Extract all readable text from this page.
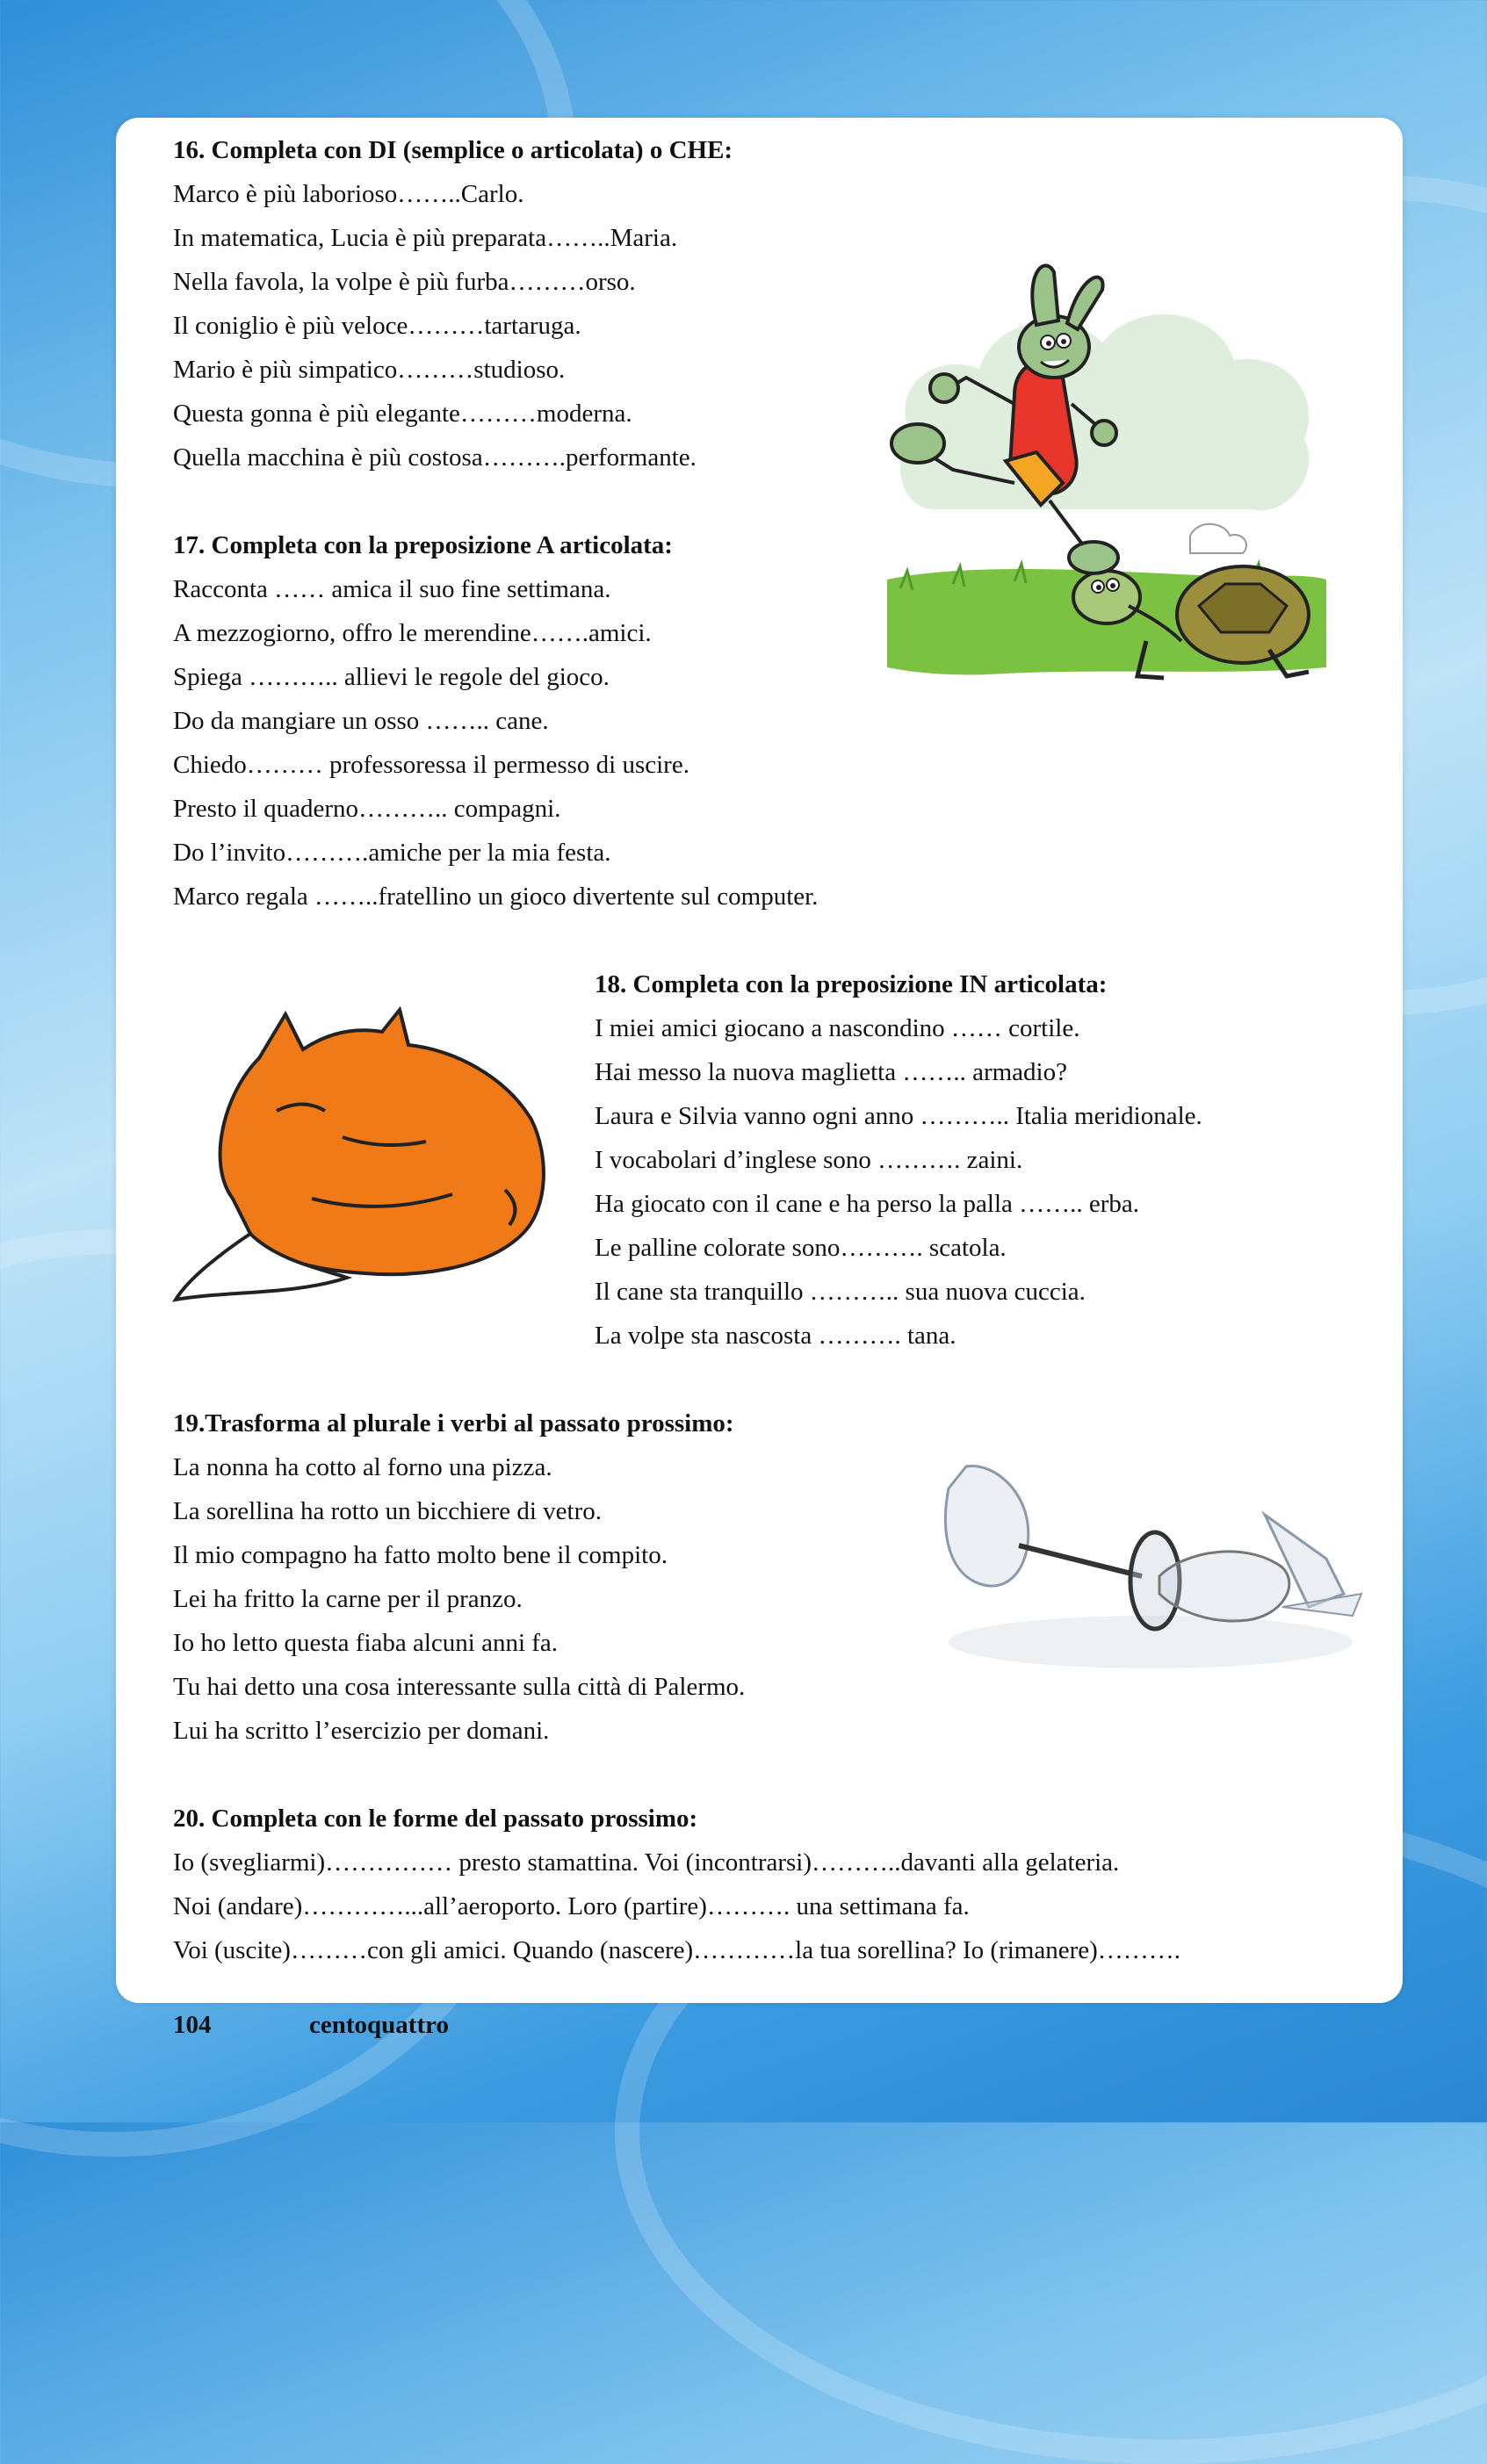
16. Completa con DI (semplice o articolata) o CHE:
Marco è più laborioso……..Carlo.
In matematica, Lucia è più preparata……..Maria.
Nella favola, la volpe è più furba………orso.
Il coniglio è più veloce………tartaruga.
Mario è più simpatico………studioso.
Questa gonna è più elegante………moderna.
Quella macchina è più costosa……….performante.
17. Completa con la preposizione A articolata:
Racconta …… amica il suo fine settimana.
A mezzogiorno, offro le merendine…….amici.
Spiega ……….. allievi le regole del gioco.
Do da mangiare un osso …….. cane.
Chiedo……… professoressa il permesso di uscire.
Presto il quaderno……….. compagni.
Do l’invito……….amiche per la mia festa.
Marco regala ……..fratellino un gioco divertente sul computer.
18. Completa con la preposizione IN articolata:
I miei amici giocano a nascondino …… cortile.
Hai messo la nuova maglietta …….. armadio?
Laura e Silvia vanno ogni anno ……….. Italia meridionale.
I vocabolari d’inglese sono ………. zaini.
Ha giocato con il cane e ha perso la palla …….. erba.
Le palline colorate sono………. scatola.
Il cane sta tranquillo ……….. sua nuova cuccia.
La volpe sta nascosta ………. tana.
19.Trasforma al plurale i verbi al passato prossimo:
La nonna ha cotto al forno una pizza.
La sorellina ha rotto un bicchiere di vetro.
Il mio compagno ha fatto molto bene il compito.
Lei ha fritto la carne per il pranzo.
Io ho letto questa fiaba alcuni anni fa.
Tu hai detto una cosa interessante sulla città di Palermo.
Lui ha scritto l’esercizio per domani.
20. Completa con le forme del passato prossimo:
Io (svegliarmi)…………… presto stamattina. Voi (incontrarsi)………..davanti alla gelateria.
Noi (andare)…………...all’aeroporto. Loro (partire)………. una settimana fa.
Voi (uscite)………con gli amici. Quando (nascere)…………la tua sorellina? Io (rimanere)……….
104	centoquattro
